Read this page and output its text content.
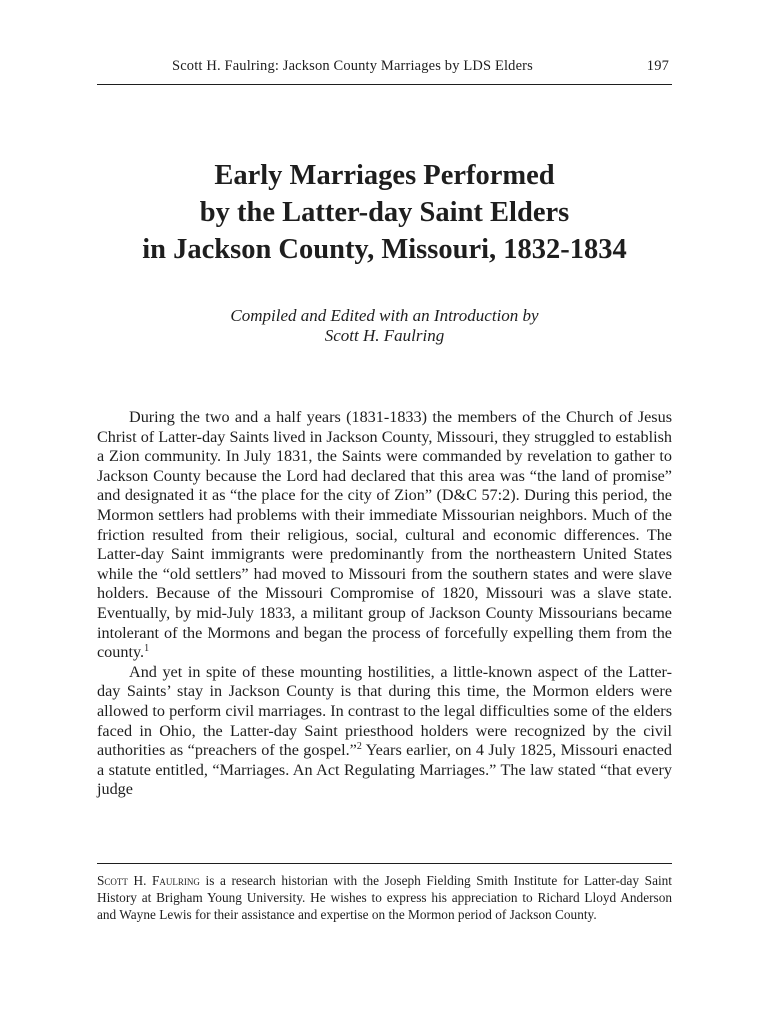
Scott H. Faulring: Jackson County Marriages by LDS Elders	197
Early Marriages Performed
by the Latter-day Saint Elders
in Jackson County, Missouri, 1832-1834
Compiled and Edited with an Introduction by
Scott H. Faulring

During the two and a half years (1831-1833) the members of the Church of Jesus Christ of Latter-day Saints lived in Jackson County, Missouri, they struggled to establish a Zion community. In July 1831, the Saints were commanded by revelation to gather to Jackson County because the Lord had declared that this area was “the land of promise” and designated it as “the place for the city of Zion” (D&C 57:2). During this period, the Mormon settlers had problems with their immediate Missourian neighbors. Much of the friction resulted from their religious, social, cultural and economic differences. The Latter-day Saint immigrants were predominantly from the northeastern United States while the “old settlers” had moved to Missouri from the southern states and were slave holders. Because of the Missouri Compromise of 1820, Missouri was a slave state. Eventually, by mid-July 1833, a militant group of Jackson County Missourians became intolerant of the Mormons and began the process of forcefully expelling them from the county.$^1$

And yet in spite of these mounting hostilities, a little-known aspect of the Latter-day Saints’ stay in Jackson County is that during this time, the Mormon elders were allowed to perform civil marriages. In contrast to the legal difficulties some of the elders faced in Ohio, the Latter-day Saint priesthood holders were recognized by the civil authorities as “preachers of the gospel.”$^2$ Years earlier, on 4 July 1825, Missouri enacted a statute entitled, “Marriages. An Act Regulating Marriages.” The law stated “that every judge

Scott H. Faulring is a research historian with the Joseph Fielding Smith Institute for Latter-day Saint History at Brigham Young University. He wishes to express his appreciation to Richard Lloyd Anderson and Wayne Lewis for their assistance and expertise on the Mormon period of Jackson County.
